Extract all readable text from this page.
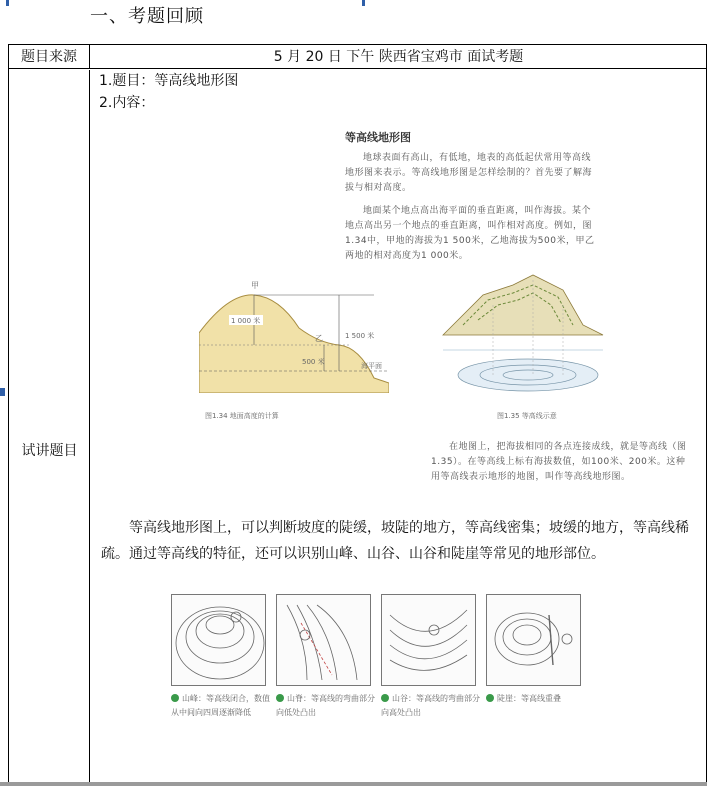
一、考题回顾
题目来源	5 月 20 日 下午 陕西省宝鸡市 面试考题
试讲题目
1.题目：等高线地形图
2.内容：
等高线地形图
地球表面有高山，有低地，地表的高低起伏常用等高线地形图来表示。等高线地形图是怎样绘制的？首先要了解海拔与相对高度。
地面某个地点高出海平面的垂直距离，叫作海拔。某个地点高出另一个地点的垂直距离，叫作相对高度。例如，图1.34中，甲地的海拔为1 500米，乙地海拔为500米，甲乙两地的相对高度为1 000米。
甲
1 000 米
1 500 米
乙
500 米	海平面
图1.34 地面高度的计算	图1.35 等高线示意
在地图上，把海拔相同的各点连接成线，就是等高线（图1.35）。在等高线上标有海拔数值，如100米、200米。这种用等高线表示地形的地图，叫作等高线地形图。
等高线地形图上，可以判断坡度的陡缓，坡陡的地方，等高线密集；坡缓的地方，等高线稀疏。通过等高线的特征，还可以识别山峰、山谷、山谷和陡崖等常见的地形部位。
山峰：等高线闭合，数值从中间向四周逐渐降低
山脊：等高线的弯曲部分向低处凸出
山谷：等高线的弯曲部分向高处凸出
陡崖：等高线重叠
